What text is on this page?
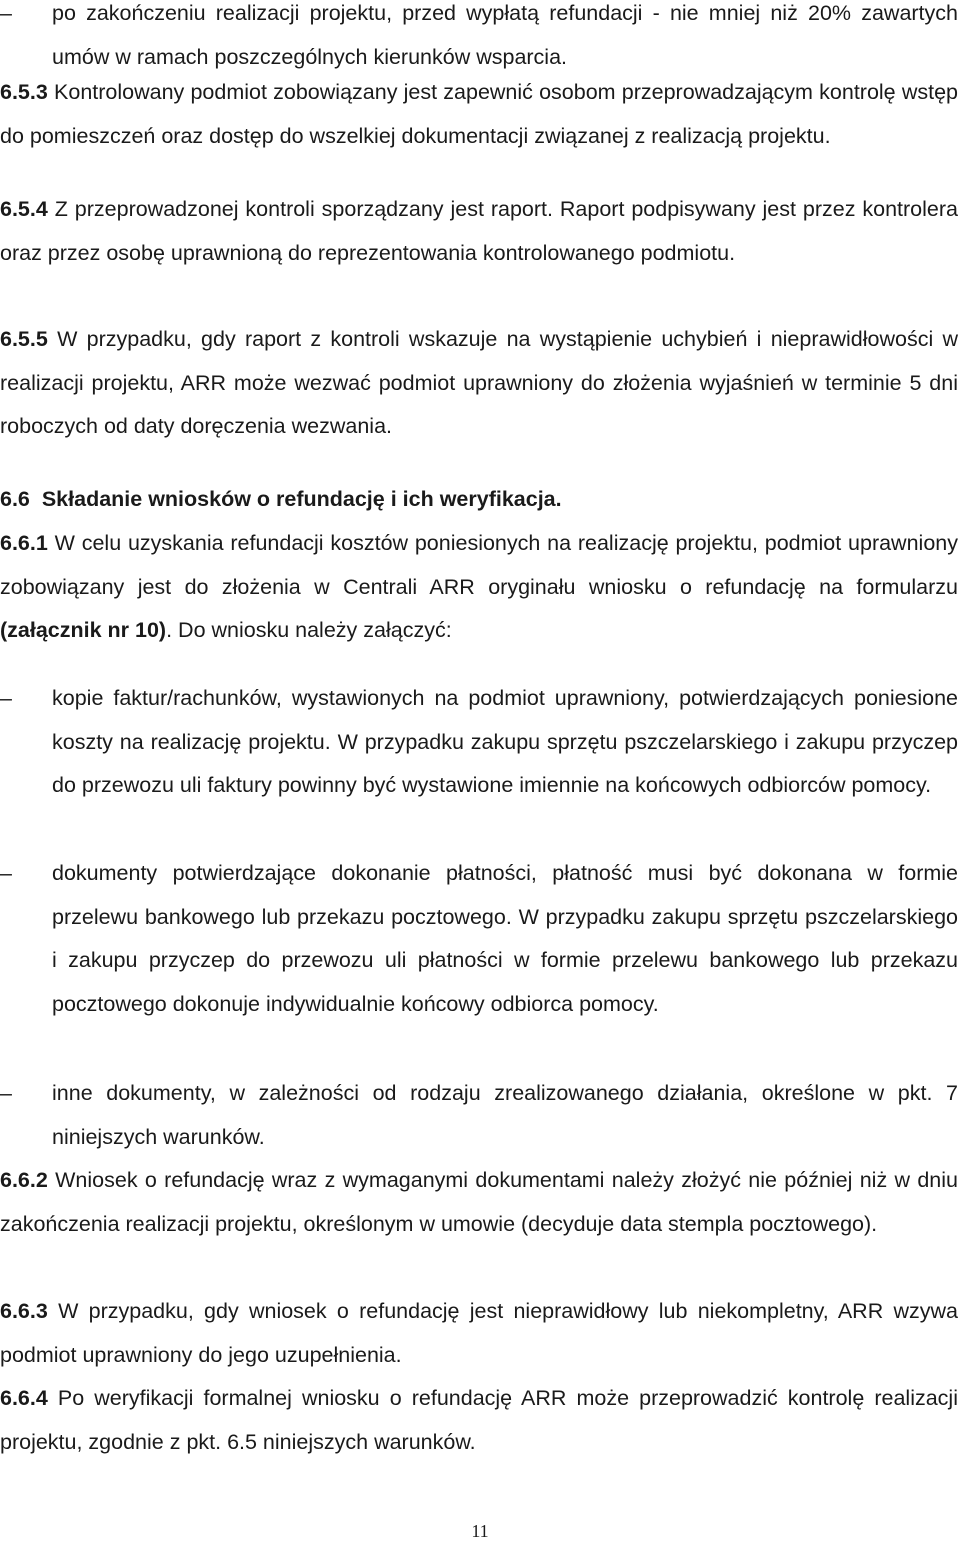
– po zakończeniu realizacji projektu, przed wypłatą refundacji - nie mniej niż 20% zawartych umów w ramach poszczególnych kierunków wsparcia.

6.5.3 Kontrolowany podmiot zobowiązany jest zapewnić osobom przeprowadzającym kontrolę wstęp do pomieszczeń oraz dostęp do wszelkiej dokumentacji związanej z realizacją projektu.

6.5.4 Z przeprowadzonej kontroli sporządzany jest raport. Raport podpisywany jest przez kontrolera oraz przez osobę uprawnioną do reprezentowania kontrolowanego podmiotu.

6.5.5 W przypadku, gdy raport z kontroli wskazuje na wystąpienie uchybień i nieprawidłowości w realizacji projektu, ARR może wezwać podmiot uprawniony do złożenia wyjaśnień w terminie 5 dni roboczych od daty doręczenia wezwania.

6.6 Składanie wniosków o refundację i ich weryfikacja.

6.6.1 W celu uzyskania refundacji kosztów poniesionych na realizację projektu, podmiot uprawniony zobowiązany jest do złożenia w Centrali ARR oryginału wniosku o refundację na formularzu (załącznik nr 10). Do wniosku należy załączyć:

– kopie faktur/rachunków, wystawionych na podmiot uprawniony, potwierdzających poniesione koszty na realizację projektu. W przypadku zakupu sprzętu pszczelarskiego i zakupu przyczep do przewozu uli faktury powinny być wystawione imiennie na końcowych odbiorców pomocy.

– dokumenty potwierdzające dokonanie płatności, płatność musi być dokonana w formie przelewu bankowego lub przekazu pocztowego. W przypadku zakupu sprzętu pszczelarskiego i zakupu przyczep do przewozu uli płatności w formie przelewu bankowego lub przekazu pocztowego dokonuje indywidualnie końcowy odbiorca pomocy.

– inne dokumenty, w zależności od rodzaju zrealizowanego działania, określone w pkt. 7 niniejszych warunków.

6.6.2 Wniosek o refundację wraz z wymaganymi dokumentami należy złożyć nie później niż w dniu zakończenia realizacji projektu, określonym w umowie (decyduje data stempla pocztowego).

6.6.3 W przypadku, gdy wniosek o refundację jest nieprawidłowy lub niekompletny, ARR wzywa podmiot uprawniony do jego uzupełnienia.

6.6.4 Po weryfikacji formalnej wniosku o refundację ARR może przeprowadzić kontrolę realizacji projektu, zgodnie z pkt. 6.5 niniejszych warunków.

11
